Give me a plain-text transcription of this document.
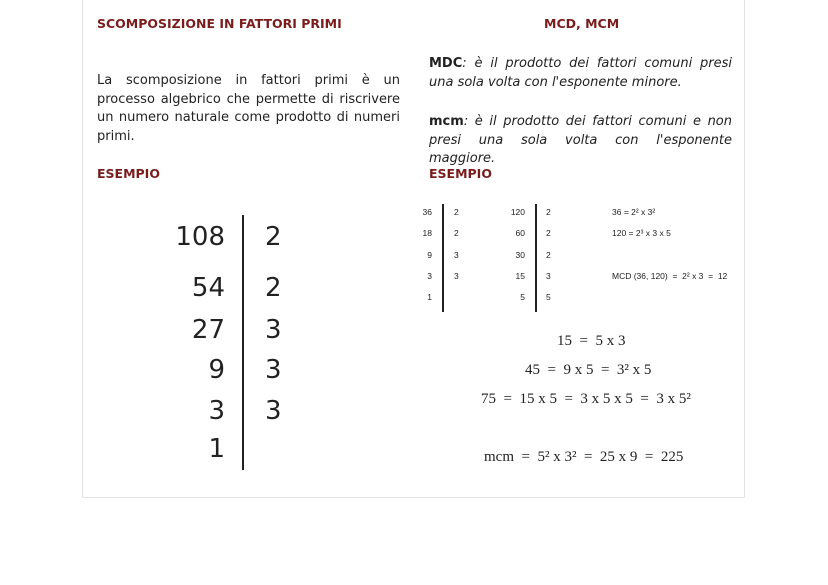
SCOMPOSIZIONE IN FATTORI PRIMI	MCD, MCM
La scomposizione in fattori primi è un processo algebrico che permette di riscrivere un numero naturale come prodotto di numeri primi.
MDC: è il prodotto dei fattori comuni presi una sola volta con l'esponente minore.
mcm: è il prodotto dei fattori comuni e non presi una sola volta con l'esponente maggiore.
ESEMPIO	ESEMPIO
108
54
27
9
3
1
2
2
3
3
3
36
18
9
3
1
2
2
3
3
120
60
30
15
5
2
2
2
3
5
36 = 2² x 3²
120 = 2³ x 3 x 5
MCD (36, 120)  =  2² x 3  =  12
15  =  5 x 3
45  =  9 x 5  =  3² x 5
75  =  15 x 5  =  3 x 5 x 5  =  3 x 5²
mcm  =  5² x 3²  =  25 x 9  =  225
